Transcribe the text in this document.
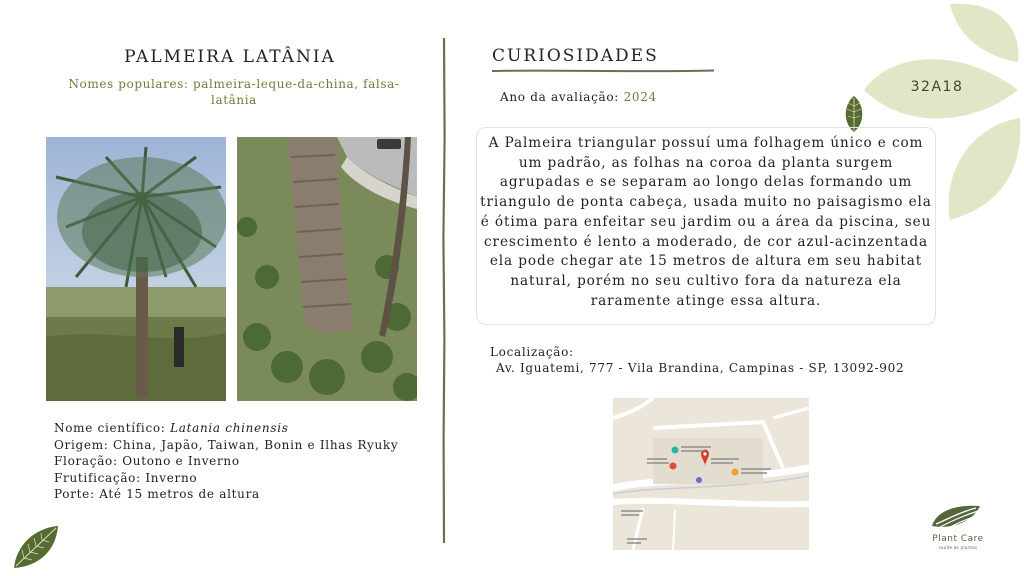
PALMEIRA LATÂNIA
Nomes populares: palmeira-leque-da-china, falsa-latânia
Nome científico: Latania chinensis
Origem: China, Japão, Taiwan, Bonin e Ilhas Ryuky
Floração: Outono e Inverno
Frutificação: Inverno
Porte: Até 15 metros de altura
CURIOSIDADES
Ano da avaliação: 2024
A Palmeira triangular possuí uma folhagem único e com um padrão, as folhas na coroa da planta surgem agrupadas e se separam ao longo delas formando um triangulo de ponta cabeça, usada muito no paisagismo ela é ótima para enfeitar seu jardim ou a área da piscina, seu crescimento é lento a moderado, de cor azul-acinzentada ela pode chegar ate 15 metros de altura em seu habitat natural, porém no seu cultivo fora da natureza ela raramente atinge essa altura.
Localização:
Av. Iguatemi, 777 - Vila Brandina, Campinas - SP, 13092-902
32A18
Plant Care
saúde às plantas
